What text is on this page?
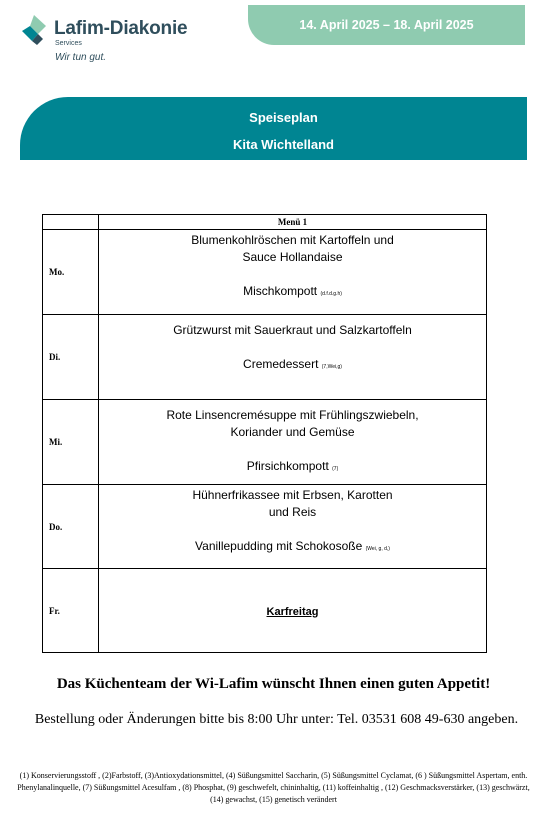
Lafim-Diakonie
Services
Wir tun gut.
14. April 2025 – 18. April 2025
Speiseplan
Kita Wichtelland
	Menü 1
Mo.	Blumenkohlröschen mit Kartoffeln und
Sauce Hollandaise
Mischkompott (d.f.d.g.h)

Di.	Grützwurst mit Sauerkraut und Salzkartoffeln
Cremedessert (7,Wei,g)

Mi.	Rote Linsencremésuppe mit Frühlingszwiebeln,
Koriander und Gemüse
Pfirsichkompott (7)

Do.	Hühnerfrikassee mit Erbsen, Karotten
und Reis
Vanillepudding mit Schokosoße (Wei, g, d,)

Fr.	Karfreitag
Das Küchenteam der Wi-Lafim wünscht Ihnen einen guten Appetit!
Bestellung oder Änderungen bitte bis 8:00 Uhr unter: Tel. 03531 608 49-630 angeben.
(1) Konservierungsstoff , (2)Farbstoff, (3)Antioxydationsmittel, (4) Süßungsmittel Saccharin, (5) Süßungsmittel Cyclamat, (6 ) Süßungsmittel Aspertam, enth. Phenylanalinquelle, (7) Süßungsmittel Acesulfam , (8) Phosphat, (9) geschwefelt, chininhaltig, (11) koffeinhaltig , (12) Geschmacksverstärker, (13) geschwärzt, (14) gewachst, (15) genetisch verändert
